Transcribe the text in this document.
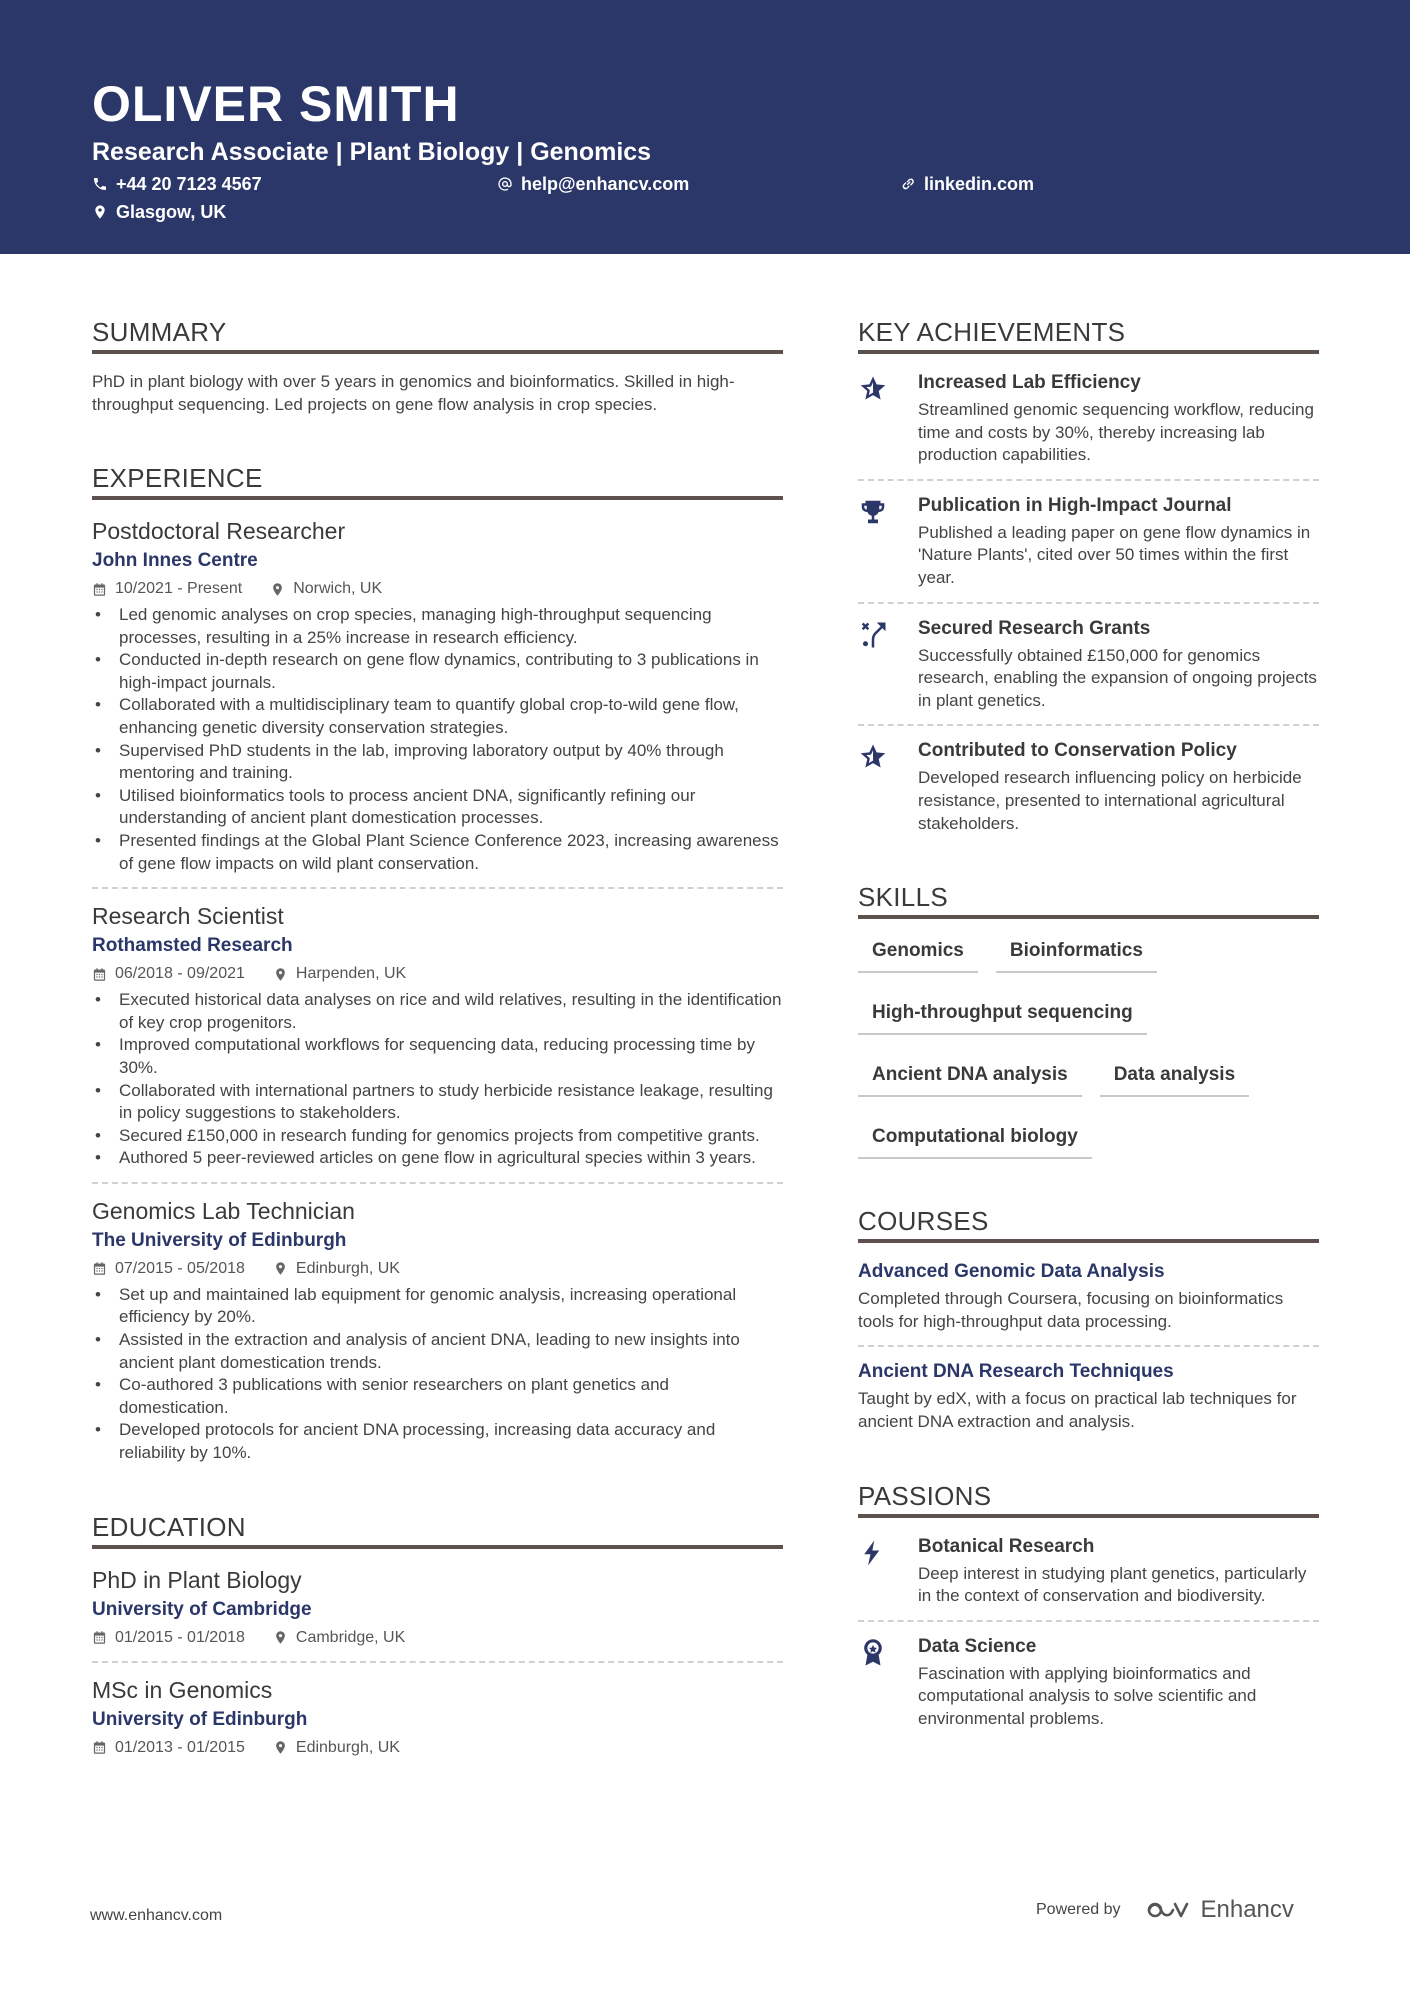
OLIVER SMITH
Research Associate | Plant Biology | Genomics
+44 20 7123 4567	help@enhancv.com	linkedin.com
Glasgow, UK
SUMMARY

PhD in plant biology with over 5 years in genomics and bioinformatics. Skilled in high-throughput sequencing. Led projects on gene flow analysis in crop species.

EXPERIENCE
Postdoctoral Researcher
John Innes Centre
10/2021 - Present	Norwich, UK
• Led genomic analyses on crop species, managing high-throughput sequencing processes, resulting in a 25% increase in research efficiency.
• Conducted in-depth research on gene flow dynamics, contributing to 3 publications in high-impact journals.
• Collaborated with a multidisciplinary team to quantify global crop-to-wild gene flow, enhancing genetic diversity conservation strategies.
• Supervised PhD students in the lab, improving laboratory output by 40% through mentoring and training.
• Utilised bioinformatics tools to process ancient DNA, significantly refining our understanding of ancient plant domestication processes.
• Presented findings at the Global Plant Science Conference 2023, increasing awareness of gene flow impacts on wild plant conservation.
Research Scientist
Rothamsted Research
06/2018 - 09/2021	Harpenden, UK
• Executed historical data analyses on rice and wild relatives, resulting in the identification of key crop progenitors.
• Improved computational workflows for sequencing data, reducing processing time by 30%.
• Collaborated with international partners to study herbicide resistance leakage, resulting in policy suggestions to stakeholders.
• Secured £150,000 in research funding for genomics projects from competitive grants.
• Authored 5 peer-reviewed articles on gene flow in agricultural species within 3 years.
Genomics Lab Technician
The University of Edinburgh
07/2015 - 05/2018	Edinburgh, UK
• Set up and maintained lab equipment for genomic analysis, increasing operational efficiency by 20%.
• Assisted in the extraction and analysis of ancient DNA, leading to new insights into ancient plant domestication trends.
• Co-authored 3 publications with senior researchers on plant genetics and domestication.
• Developed protocols for ancient DNA processing, increasing data accuracy and reliability by 10%.
EDUCATION
PhD in Plant Biology
University of Cambridge
01/2015 - 01/2018	Cambridge, UK
MSc in Genomics
University of Edinburgh
01/2013 - 01/2015	Edinburgh, UK
KEY ACHIEVEMENTS
Increased Lab Efficiency

Streamlined genomic sequencing workflow, reducing time and costs by 30%, thereby increasing lab production capabilities.

Publication in High-Impact Journal

Published a leading paper on gene flow dynamics in 'Nature Plants', cited over 50 times within the first year.

Secured Research Grants

Successfully obtained £150,000 for genomics research, enabling the expansion of ongoing projects in plant genetics.

Contributed to Conservation Policy

Developed research influencing policy on herbicide resistance, presented to international agricultural stakeholders.

SKILLS
Genomics	Bioinformatics
High-throughput sequencing
Ancient DNA analysis	Data analysis
Computational biology
COURSES
Advanced Genomic Data Analysis

Completed through Coursera, focusing on bioinformatics tools for high-throughput data processing.

Ancient DNA Research Techniques

Taught by edX, with a focus on practical lab techniques for ancient DNA extraction and analysis.

PASSIONS
Botanical Research

Deep interest in studying plant genetics, particularly in the context of conservation and biodiversity.

Data Science

Fascination with applying bioinformatics and computational analysis to solve scientific and environmental problems.

www.enhancv.com	Powered by	Enhancv
